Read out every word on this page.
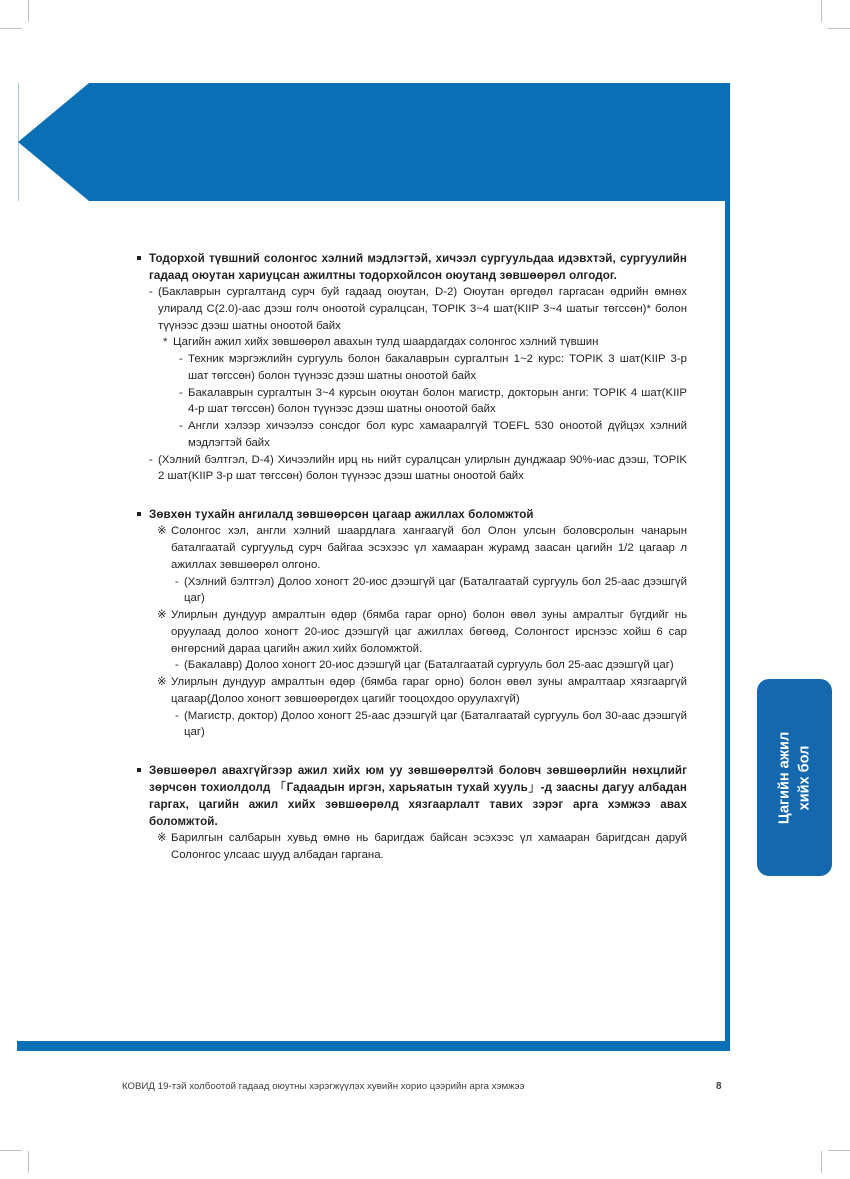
Цагийн ажил хийх бол
Тодорхой түвшний солонгос хэлний мэдлэгтэй, хичээл сургуульдаа идэвхтэй, сургуулийн гадаад оюутан хариуцсан ажилтны тодорхойлсон оюутанд зөвшөөрөл олгодог.
- (Баклаврын сургалтанд сурч буй гадаад оюутан, D-2) Оюутан өргөдөл гаргасан өдрийн өмнөх улиралд C(2.0)-аас дээш голч оноотой суралцсан, TOPIK 3~4 шат(KIIP 3~4 шатыг төгссөн)* болон түүнээс дээш шатны оноотой байх
* Цагийн ажил хийх зөвшөөрөл авахын тулд шаардагдах солонгос хэлний түвшин
- Техник мэргэжлийн сургууль болон бакалаврын сургалтын 1~2 курс: TOPIK 3 шат(KIIP 3-р шат төгссөн) болон түүнээс дээш шатны оноотой байх
- Бакалаврын сургалтын 3~4 курсын оюутан болон магистр, докторын анги: TOPIK 4 шат(KIIP 4-р шат төгссөн) болон түүнээс дээш шатны оноотой байх
- Англи хэлээр хичээлээ сонсдог бол курс хамааралгүй TOEFL 530 оноотой дүйцэх хэлний мэдлэгтэй байх
- (Хэлний бэлтгэл, D-4) Хичээлийн ирц нь нийт суралцсан улирлын дунджаар 90%-иас дээш, TOPIK 2 шат(KIIP 3-р шат төгссөн) болон түүнээс дээш шатны оноотой байх
Зөвхөн тухайн ангилалд зөвшөөрсөн цагаар ажиллах боломжтой
※ Солонгос хэл, англи хэлний шаардлага хангаагүй бол Олон улсын боловсролын чанарын баталгаатай сургуульд сурч байгаа эсэхээс үл хамааран журамд заасан цагийн 1/2 цагаар л ажиллах зөвшөөрөл олгоно.
- (Хэлний бэлтгэл) Долоо хоногт 20-иос дээшгүй цаг (Баталгаатай сургууль бол 25-аас дээшгүй цаг)
※ Улирлын дундуур амралтын өдөр (бямба гараг орно) болон өвөл зуны амралтыг бүгдийг нь оруулаад долоо хоногт 20-иос дээшгүй цаг ажиллах бөгөөд, Солонгост ирснээс хойш 6 сар өнгөрсний дараа цагийн ажил хийх боломжтой.
- (Бакалавр) Долоо хоногт 20-иос дээшгүй цаг (Баталгаатай сургууль бол 25-аас дээшгүй цаг)
※ Улирлын дундуур амралтын өдөр (бямба гараг орно) болон өвөл зуны амралтаар хязгааргүй цагаар(Долоо хоногт зөвшөөрөгдөх цагийг тооцохдоо оруулахгүй)
- (Магистр, доктор) Долоо хоногт 25-аас дээшгүй цаг (Баталгаатай сургууль бол 30-аас дээшгүй цаг)
Зөвшөөрөл авахгүйгээр ажил хийх юм уу зөвшөөрөлтэй боловч зөвшөөрлийн нөхцлийг зөрчсөн тохиолдолд 「Гадаадын иргэн, харьяатын тухай хууль」-д заасны дагуу албадан гаргах, цагийн ажил хийх зөвшөөрөлд хязгаарлалт тавих зэрэг арга хэмжээ авах боломжтой.
※ Барилгын салбарын хувьд өмнө нь баригдаж байсан эсэхээс үл хамааран баригдсан даруй Солонгос улсаас шууд албадан гаргана.
КОВИД 19-тэй холбоотой гадаад оюутны хэрэгжүүлэх хувийн хорио цээрийн арга хэмжээ	8
